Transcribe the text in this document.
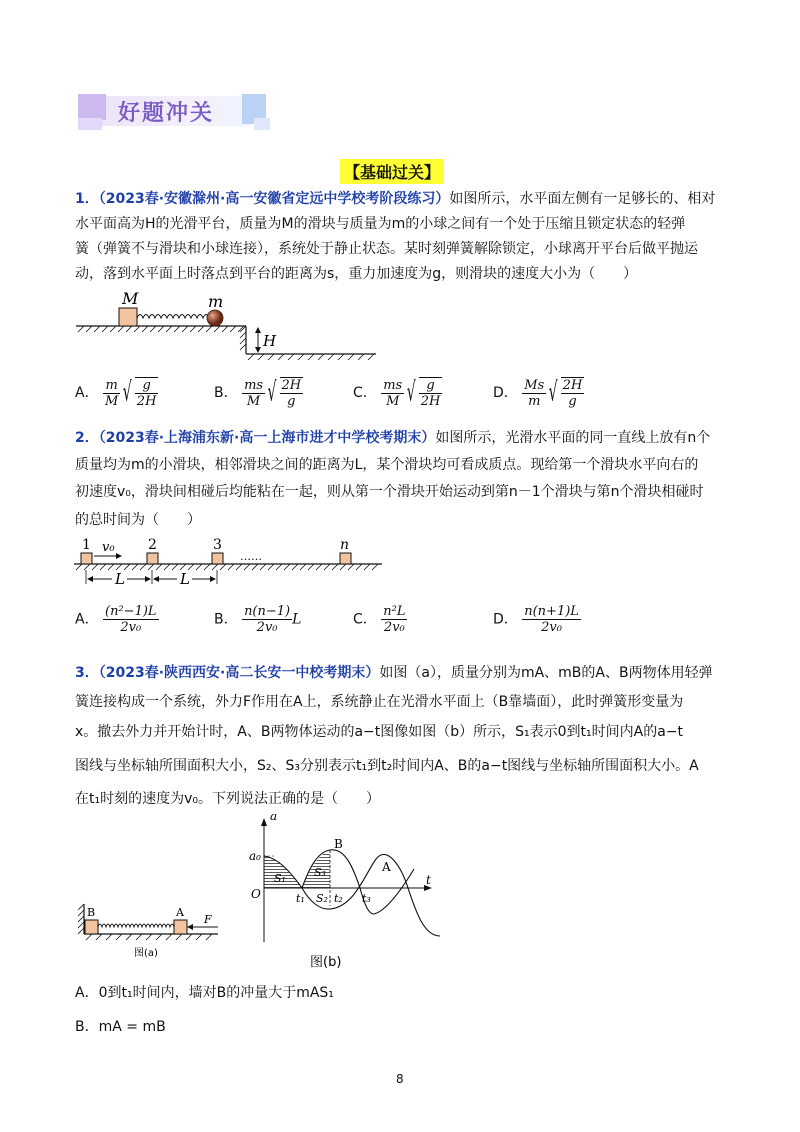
好题冲关
【基础过关】
1．（2023春·安徽滁州·高一安徽省定远中学校考阶段练习）如图所示，水平面左侧有一足够长的、相对
水平面高为H的光滑平台，质量为M的滑块与质量为m的小球之间有一个处于压缩且锁定状态的轻弹
簧（弹簧不与滑块和小球连接），系统处于静止状态。某时刻弹簧解除锁定，小球离开平台后做平抛运
动，落到水平面上时落点到平台的距离为s，重力加速度为g，则滑块的速度大小为（　　）
M	m
H
A． $\frac{m}{M}$
√ $\frac{g}{2H}$	B． $\frac{ms}{M}$
√ $\frac{2H}{g}$	C． $\frac{ms}{M}$
√ $\frac{g}{2H}$	D． $\frac{Ms}{m}$
√ $\frac{2H}{g}$
2．（2023春·上海浦东新·高一上海市进才中学校考期末）如图所示，光滑水平面的同一直线上放有n个
质量均为m的小滑块，相邻滑块之间的距离为L，某个滑块均可看成质点。现给第一个滑块水平向右的
初速度v₀，滑块间相碰后均能粘在一起，则从第一个滑块开始运动到第n－1个滑块与第n个滑块相碰时
的总时间为（　　）
1	2	3	n
v₀
……
L	L
A． $\frac{\text{(n²−1)L}}{\text{2v₀}}$	B． $\frac{n(n-1)}{\text{2v₀}}$ L	C． $\frac{\text{n²L}}{\text{2v₀}}$	D． $\frac{n(n+1)L}{\text{2v₀}}$
3．（2023春·陕西西安·高二长安一中校考期末）如图（a），质量分别为mA、mB的A、B两物体用轻弹
簧连接构成一个系统，外力F作用在A上，系统静止在光滑水平面上（B靠墙面），此时弹簧形变量为
x。撤去外力并开始计时，A、B两物体运动的a−t图像如图（b）所示，S₁表示0到t₁时间内A的a−t
图线与坐标轴所围面积大小，S₂、S₃分别表示t₁到t₂时间内A、B的a−t图线与坐标轴所围面积大小。A
在t₁时刻的速度为v₀。下列说法正确的是（　　）
B	A
F
图(a)
a
a₀
O
t
B
A
S₁	S₃
S₂
t₁	t₂ t₃
图(b)
A．0到t₁时间内，墙对B的冲量大于mAS₁
B．mA = mB
8
